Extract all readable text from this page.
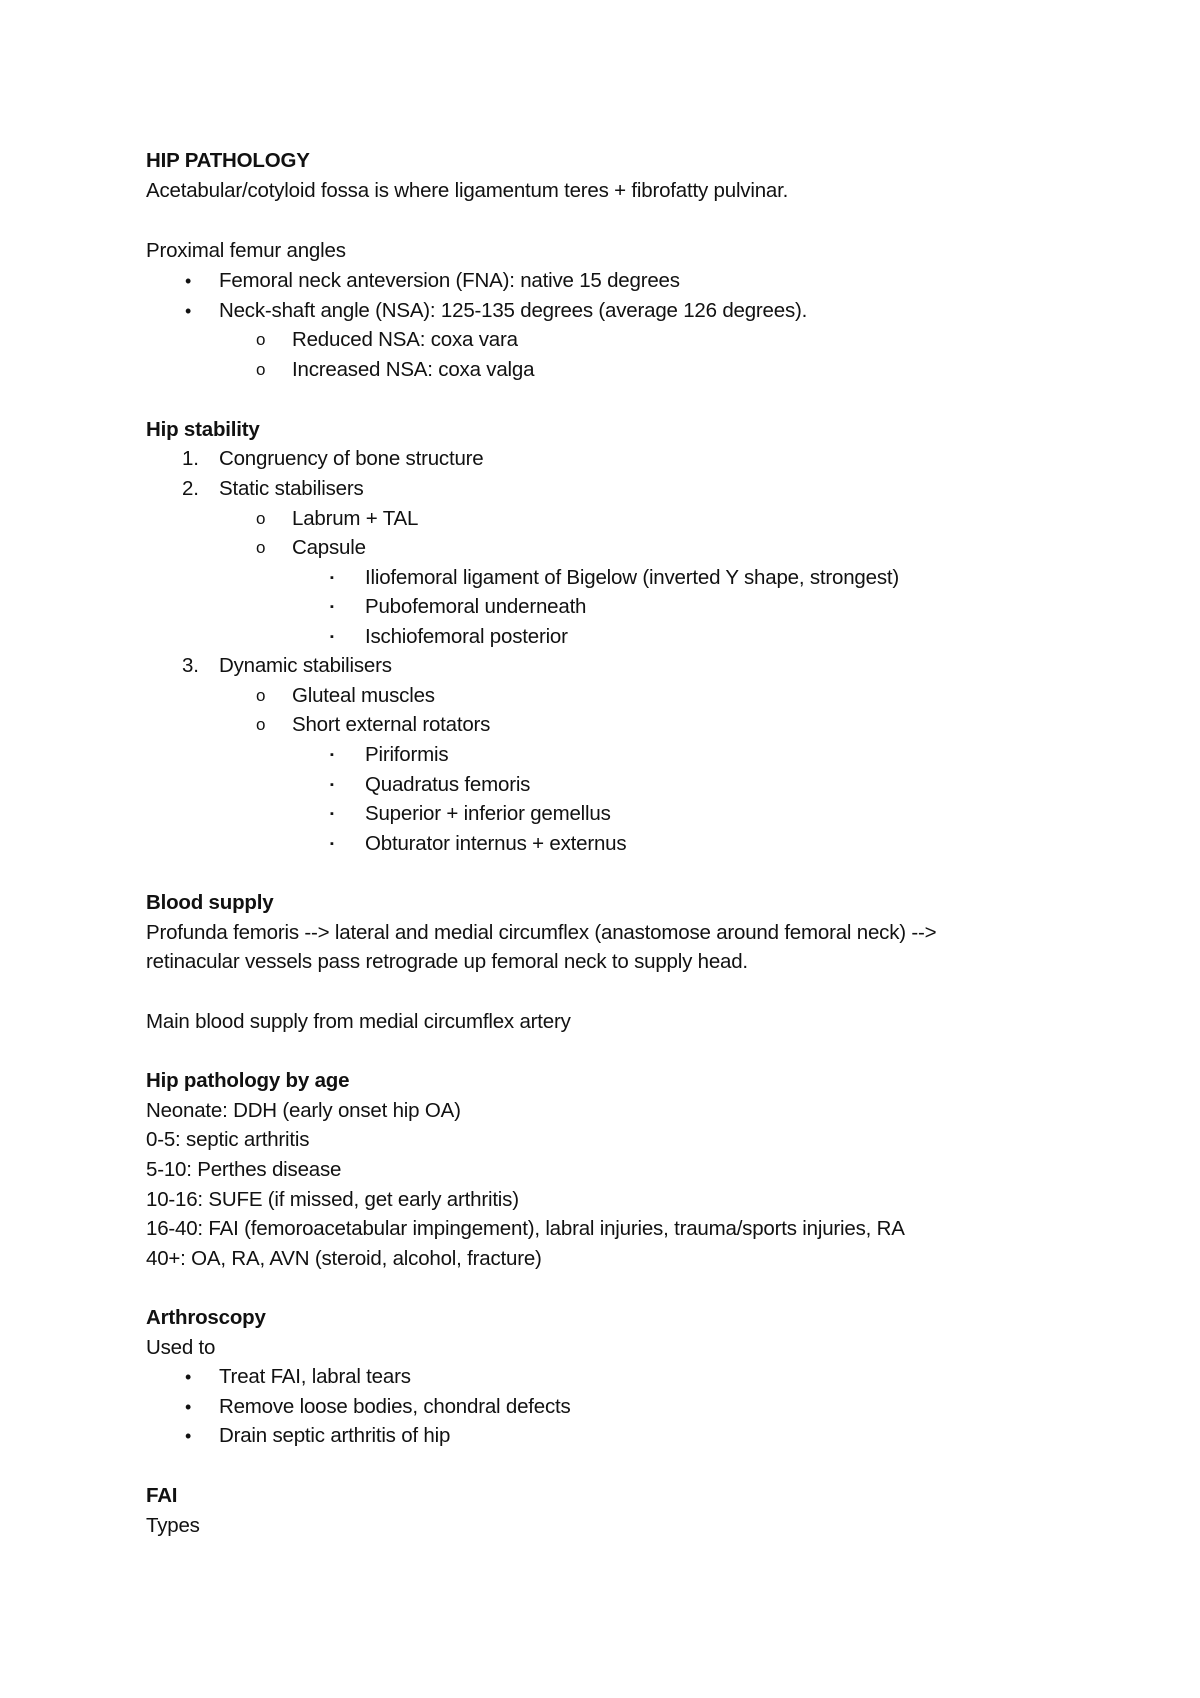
HIP PATHOLOGY
Acetabular/cotyloid fossa is where ligamentum teres + fibrofatty pulvinar.
Proximal femur angles
• Femoral neck anteversion (FNA): native 15 degrees
• Neck-shaft angle (NSA): 125-135 degrees (average 126 degrees).
o Reduced NSA: coxa vara
o Increased NSA: coxa valga
Hip stability
1. Congruency of bone structure
2. Static stabilisers
o Labrum + TAL
o Capsule
▪ Iliofemoral ligament of Bigelow (inverted Y shape, strongest)
▪ Pubofemoral underneath
▪ Ischiofemoral posterior
3. Dynamic stabilisers
o Gluteal muscles
o Short external rotators
▪ Piriformis
▪ Quadratus femoris
▪ Superior + inferior gemellus
▪ Obturator internus + externus
Blood supply
Profunda femoris --> lateral and medial circumflex (anastomose around femoral neck) -->
retinacular vessels pass retrograde up femoral neck to supply head.
Main blood supply from medial circumflex artery
Hip pathology by age
Neonate: DDH (early onset hip OA)
0-5: septic arthritis
5-10: Perthes disease
10-16: SUFE (if missed, get early arthritis)
16-40: FAI (femoroacetabular impingement), labral injuries, trauma/sports injuries, RA
40+: OA, RA, AVN (steroid, alcohol, fracture)
Arthroscopy
Used to
• Treat FAI, labral tears
• Remove loose bodies, chondral defects
• Drain septic arthritis of hip
FAI
Types
